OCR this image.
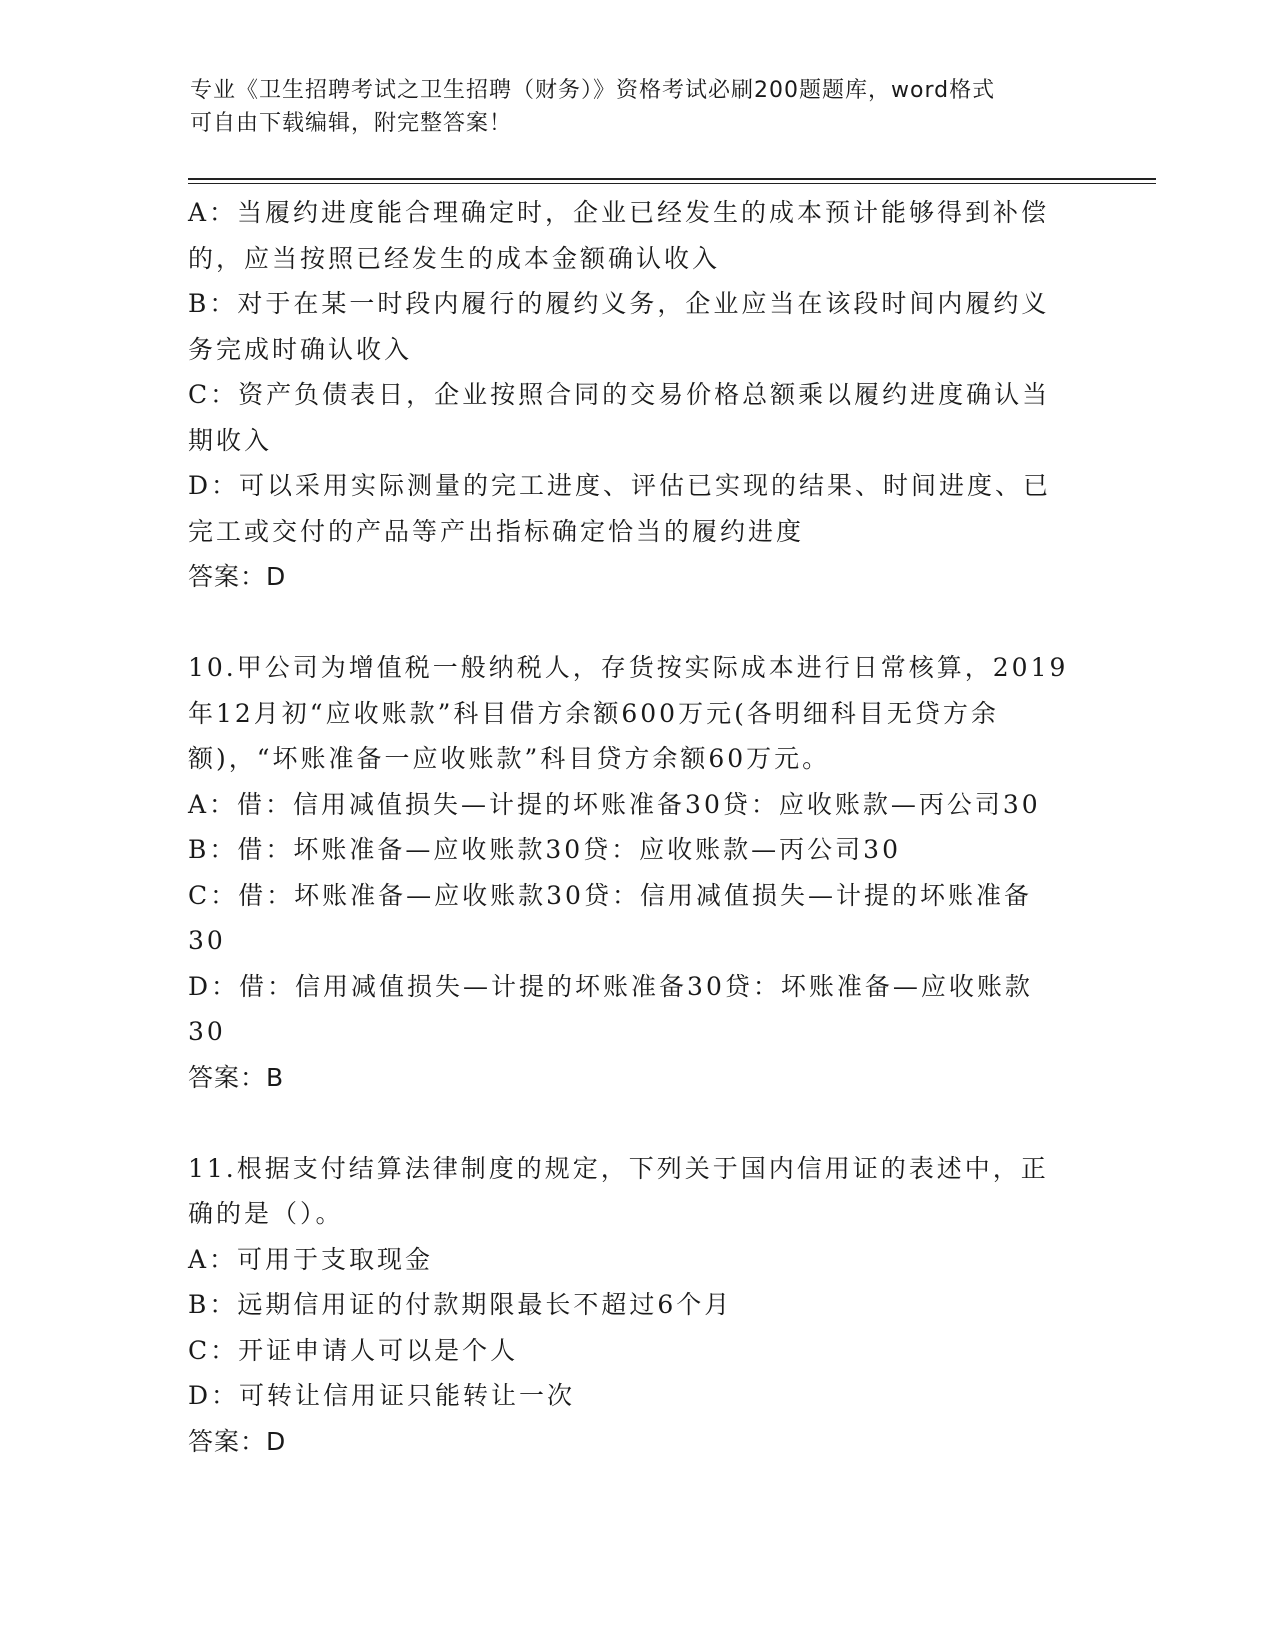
专业《卫生招聘考试之卫生招聘（财务）》资格考试必刷200题题库，word格式
可自由下载编辑，附完整答案！
A：当履约进度能合理确定时，企业已经发生的成本预计能够得到补偿
的，应当按照已经发生的成本金额确认收入
B：对于在某一时段内履行的履约义务，企业应当在该段时间内履约义
务完成时确认收入
C：资产负债表日，企业按照合同的交易价格总额乘以履约进度确认当
期收入
D：可以采用实际测量的完工进度、评估已实现的结果、时间进度、已
完工或交付的产品等产出指标确定恰当的履约进度
答案：D
10.甲公司为增值税一般纳税人，存货按实际成本进行日常核算，2019
年12月初“应收账款”科目借方余额600万元(各明细科目无贷方余
额)，“坏账准备一应收账款”科目贷方余额60万元。
A：借：信用减值损失—计提的坏账准备30贷：应收账款—丙公司30
B：借：坏账准备—应收账款30贷：应收账款—丙公司30
C：借：坏账准备—应收账款30贷：信用减值损失—计提的坏账准备
30
D：借：信用减值损失—计提的坏账准备30贷：坏账准备—应收账款
30
答案：B
11.根据支付结算法律制度的规定，下列关于国内信用证的表述中，正
确的是（）。
A：可用于支取现金
B：远期信用证的付款期限最长不超过6个月
C：开证申请人可以是个人
D：可转让信用证只能转让一次
答案：D
